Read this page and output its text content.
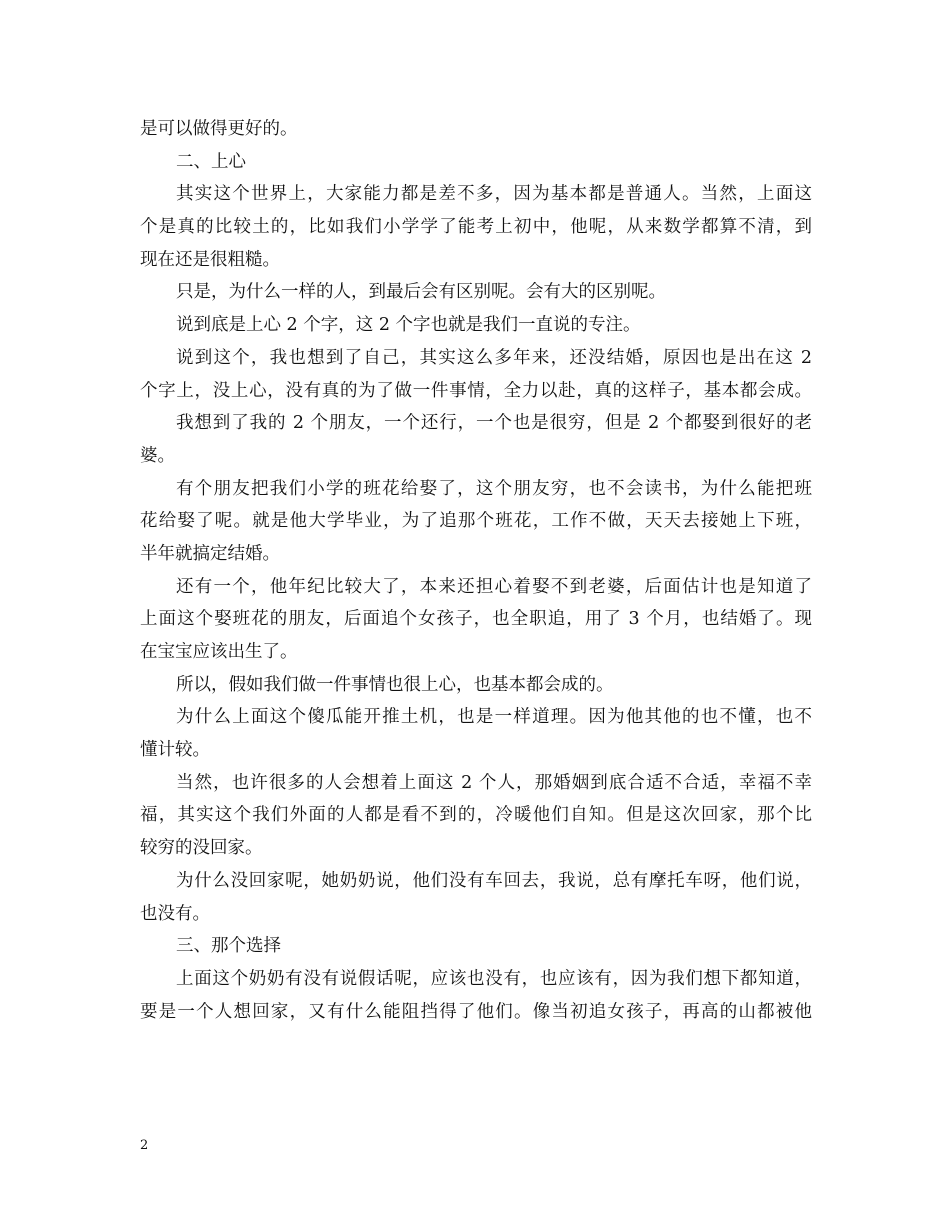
是可以做得更好的。
二、上心
其实这个世界上，大家能力都是差不多，因为基本都是普通人。当然，上面这
个是真的比较土的，比如我们小学学了能考上初中，他呢，从来数学都算不清，到
现在还是很粗糙。
只是，为什么一样的人，到最后会有区别呢。会有大的区别呢。
说到底是上心 2 个字，这 2 个字也就是我们一直说的专注。
说到这个，我也想到了自己，其实这么多年来，还没结婚，原因也是出在这 2
个字上，没上心，没有真的为了做一件事情，全力以赴，真的这样子，基本都会成。
我想到了我的 2 个朋友，一个还行，一个也是很穷，但是 2 个都娶到很好的老
婆。
有个朋友把我们小学的班花给娶了，这个朋友穷，也不会读书，为什么能把班
花给娶了呢。就是他大学毕业，为了追那个班花，工作不做，天天去接她上下班，
半年就搞定结婚。
还有一个，他年纪比较大了，本来还担心着娶不到老婆，后面估计也是知道了
上面这个娶班花的朋友，后面追个女孩子，也全职追，用了 3 个月，也结婚了。现
在宝宝应该出生了。
所以，假如我们做一件事情也很上心，也基本都会成的。
为什么上面这个傻瓜能开推土机，也是一样道理。因为他其他的也不懂，也不
懂计较。
当然，也许很多的人会想着上面这 2 个人，那婚姻到底合适不合适，幸福不幸
福，其实这个我们外面的人都是看不到的，冷暖他们自知。但是这次回家，那个比
较穷的没回家。
为什么没回家呢，她奶奶说，他们没有车回去，我说，总有摩托车呀，他们说，
也没有。
三、那个选择
上面这个奶奶有没有说假话呢，应该也没有，也应该有，因为我们想下都知道，
要是一个人想回家，又有什么能阻挡得了他们。像当初追女孩子，再高的山都被他
2
